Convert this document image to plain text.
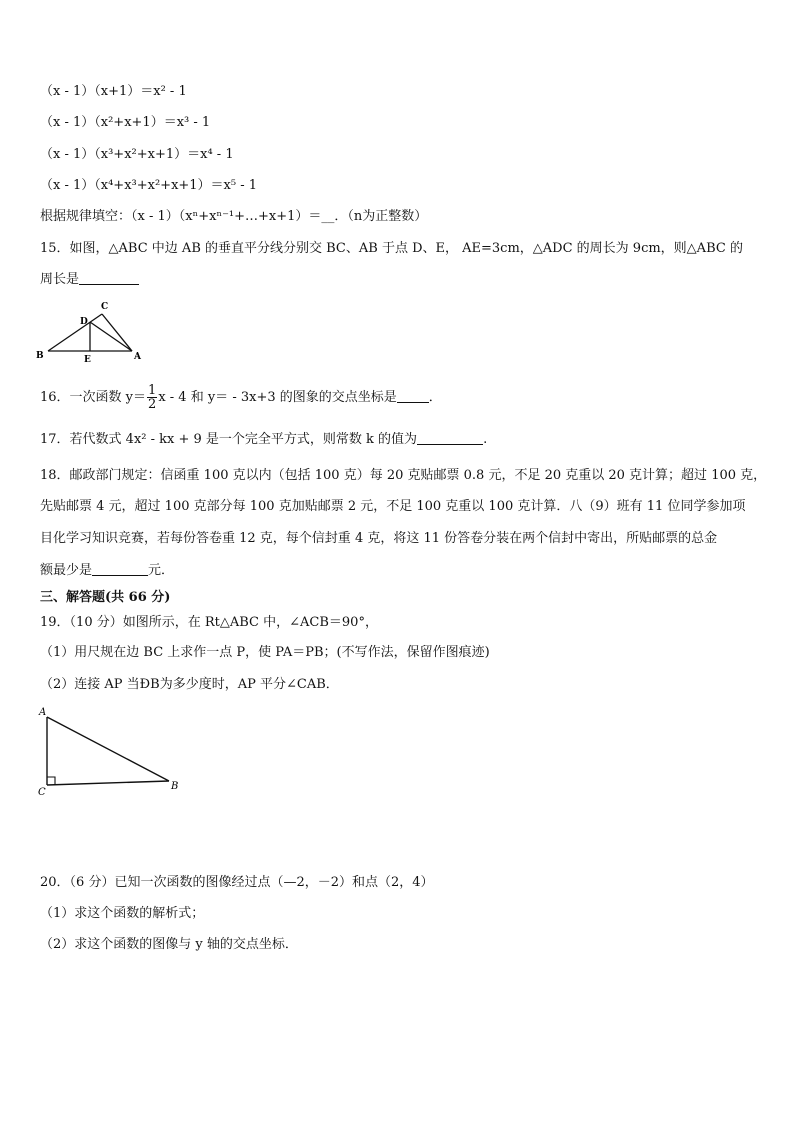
（x - 1）（x+1）＝x² - 1
（x - 1）（x²+x+1）＝x³ - 1
（x - 1）（x³+x²+x+1）＝x⁴ - 1
（x - 1）（x⁴+x³+x²+x+1）＝x⁵ - 1
根据规律填空：（x - 1）（xⁿ+xⁿ⁻¹+…+x+1）＝__．（n为正整数）
15．如图，△ABC 中边 AB 的垂直平分线分别交 BC、AB 于点 D、E， AE=3cm，△ADC 的周长为 9cm，则△ABC 的
周长是
B	E	A
D
C
16．一次函数 $y= \frac{1}{2}$ x - 4 和 y＝ - 3x+3 的图象的交点坐标是 ．
17．若代数式 4x² - kx + 9 是一个完全平方式，则常数 k 的值为	.
18．邮政部门规定：信函重 100 克以内（包括 100 克）每 20 克贴邮票 0.8 元，不足 20 克重以 20 克计算；超过 100 克，
先贴邮票 4 元，超过 100 克部分每 100 克加贴邮票 2 元，不足 100 克重以 100 克计算．八（9）班有 11 位同学参加项
目化学习知识竞赛，若每份答卷重 12 克，每个信封重 4 克，将这 11 份答卷分装在两个信封中寄出，所贴邮票的总金
额最少是	元．
三、解答题(共 66 分)
19．（10 分）如图所示，在 Rt△ABC 中，∠ACB＝90°，
（1）用尺规在边 BC 上求作一点 P，使 PA＝PB；(不写作法，保留作图痕迹)
（2）连接 AP 当ÐB为多少度时，AP 平分∠CAB．
A
C
B
20．（6 分）已知一次函数的图像经过点（—2，－2）和点（2，4）
（1）求这个函数的解析式；
（2）求这个函数的图像与 y 轴的交点坐标．
